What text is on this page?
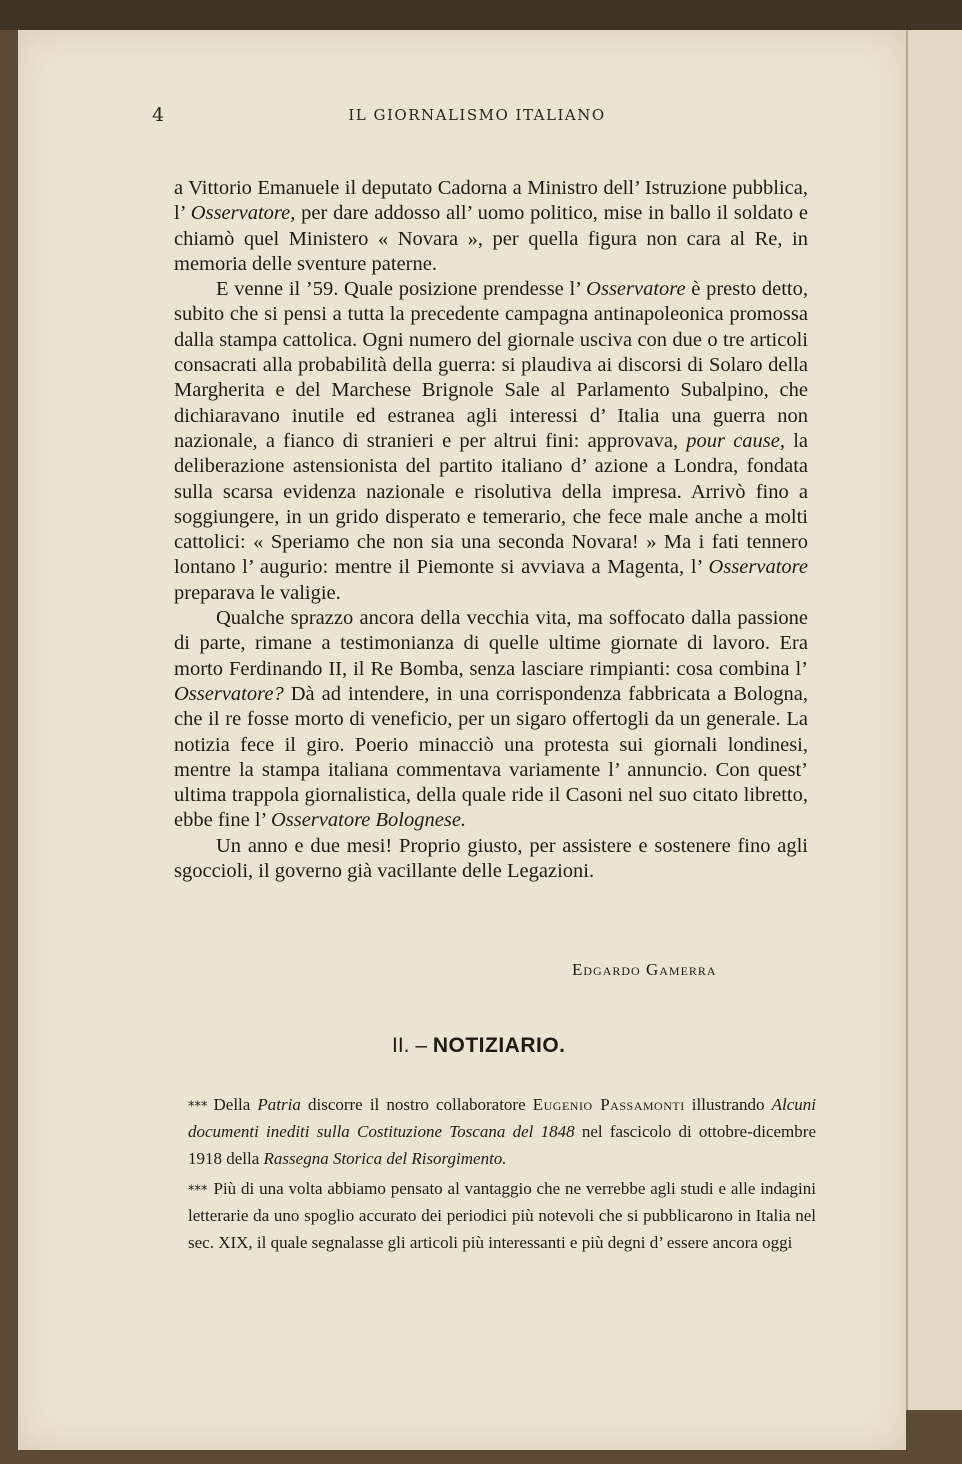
4	IL GIORNALISMO ITALIANO

a Vittorio Emanuele il deputato Cadorna a Ministro dell’ Istruzione pubblica, l’ Osservatore, per dare addosso all’ uomo politico, mise in ballo il soldato e chiamò quel Ministero « Novara », per quella figura non cara al Re, in memoria delle sventure paterne.

E venne il ’59. Quale posizione prendesse l’ Osservatore è presto detto, subito che si pensi a tutta la precedente campagna antinapoleonica promossa dalla stampa cattolica. Ogni numero del giornale usciva con due o tre articoli consacrati alla probabilità della guerra: si plaudiva ai discorsi di Solaro della Margherita e del Marchese Brignole Sale al Parlamento Subalpino, che dichiaravano inutile ed estranea agli interessi d’ Italia una guerra non nazionale, a fianco di stranieri e per altrui fini: approvava, pour cause, la deliberazione astensionista del partito italiano d’ azione a Londra, fondata sulla scarsa evidenza nazionale e risolutiva della impresa. Arrivò fino a soggiungere, in un grido disperato e temerario, che fece male anche a molti cattolici: « Speriamo che non sia una seconda Novara! » Ma i fati tennero lontano l’ augurio: mentre il Piemonte si avviava a Magenta, l’ Osservatore preparava le valigie.

Qualche sprazzo ancora della vecchia vita, ma soffocato dalla passione di parte, rimane a testimonianza di quelle ultime giornate di lavoro. Era morto Ferdinando II, il Re Bomba, senza lasciare rimpianti: cosa combina l’ Osservatore? Dà ad intendere, in una corrispondenza fabbricata a Bologna, che il re fosse morto di veneficio, per un sigaro offertogli da un generale. La notizia fece il giro. Poerio minacciò una protesta sui giornali londinesi, mentre la stampa italiana commentava variamente l’ annuncio. Con quest’ ultima trappola giornalistica, della quale ride il Casoni nel suo citato libretto, ebbe fine l’ Osservatore Bolognese.

Un anno e due mesi! Proprio giusto, per assistere e sostenere fino agli sgoccioli, il governo già vacillante delle Legazioni.

Edgardo Gamerra
II. – NOTIZIARIO.

⁎⁎⁎ Della Patria discorre il nostro collaboratore Eugenio Passamonti illustrando Alcuni documenti inediti sulla Costituzione Toscana del 1848 nel fascicolo di ottobre-dicembre 1918 della Rassegna Storica del Risorgimento.

⁎⁎⁎ Più di una volta abbiamo pensato al vantaggio che ne verrebbe agli studi e alle indagini letterarie da uno spoglio accurato dei periodici più notevoli che si pubblicarono in Italia nel sec. XIX, il quale segnalasse gli articoli più interessanti e più degni d’ essere ancora oggi
